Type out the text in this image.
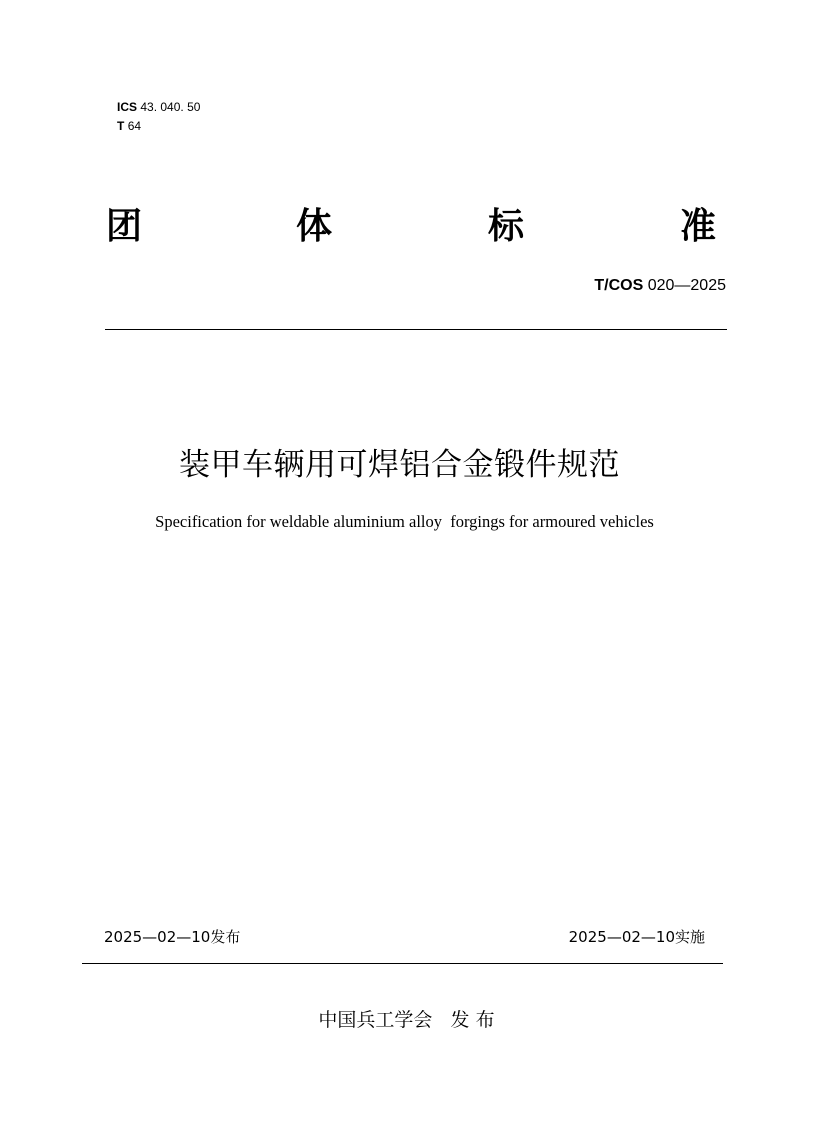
ICS 43. 040. 50
T 64
团	体	标	准
T/COS 020—2025
装甲车辆用可焊铝合金锻件规范
Specification for weldable aluminium alloy  forgings for armoured vehicles
2025—02—10发布	2025—02—10实施
中国兵工学会 发 布
